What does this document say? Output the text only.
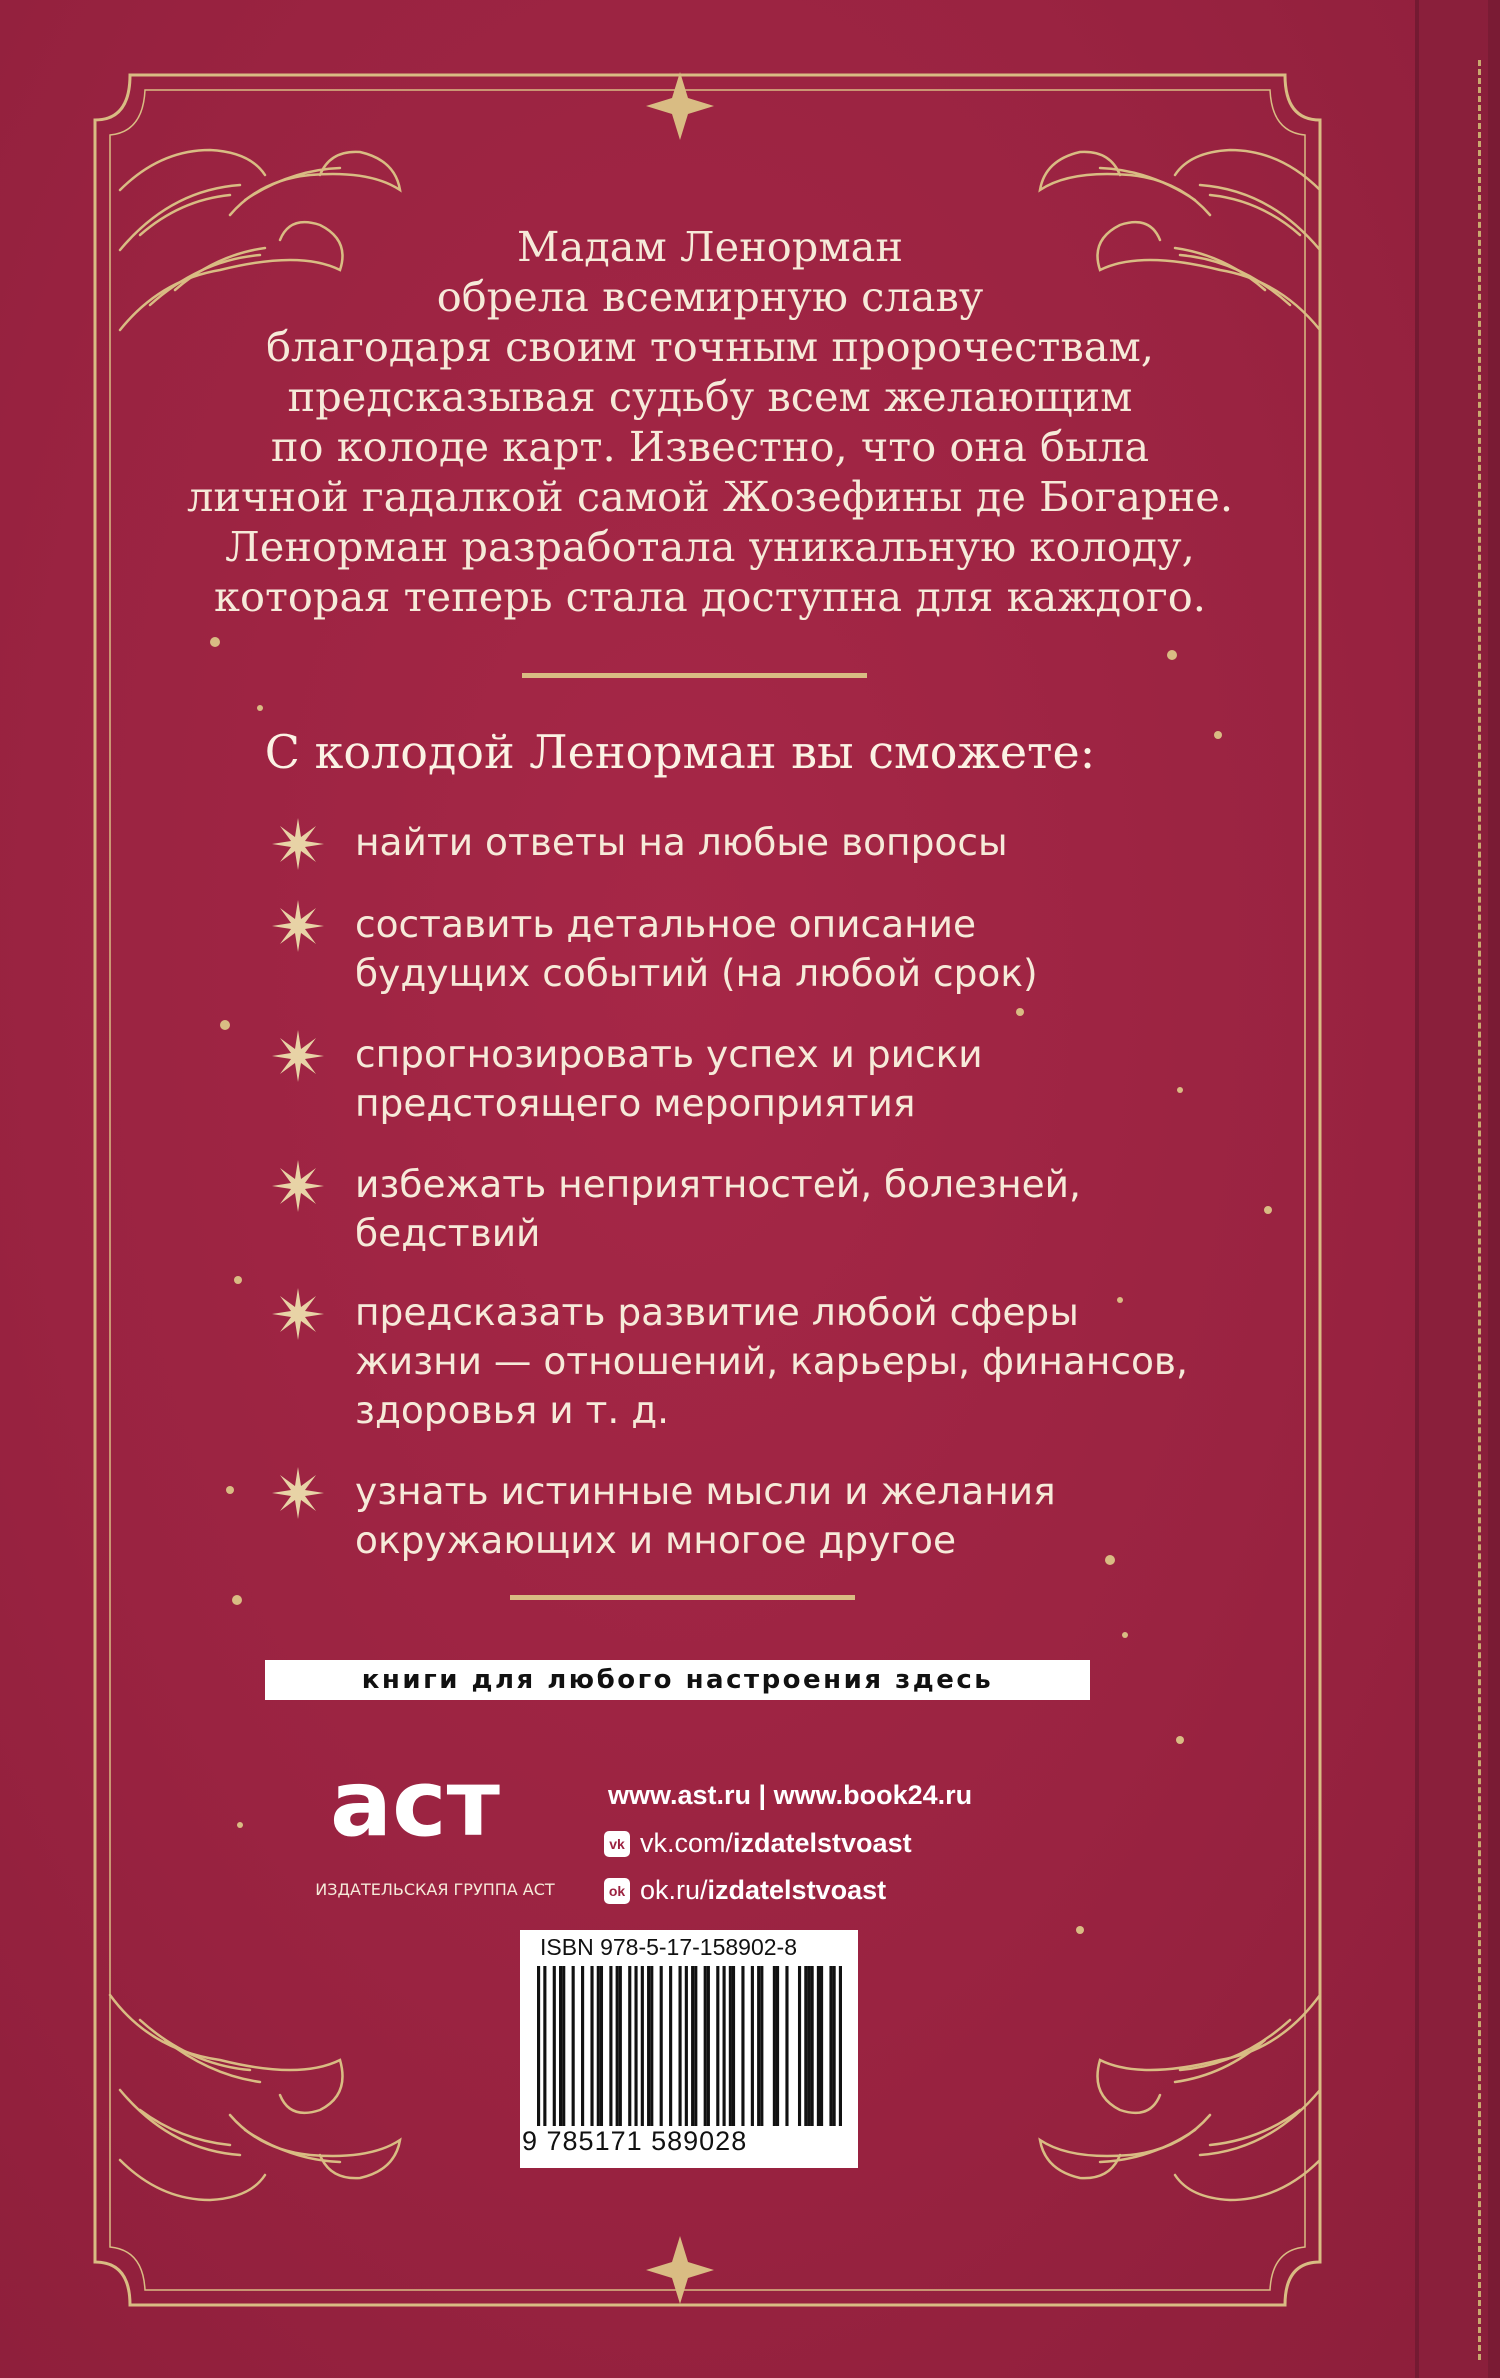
Мадам Ленорман
обрела всемирную славу
благодаря своим точным пророчествам,
предсказывая судьбу всем желающим
по колоде карт. Известно, что она была
личной гадалкой самой Жозефины де Богарне.
Ленорман разработала уникальную колоду,
которая теперь стала доступна для каждого.
С колодой Ленорман вы сможете:
найти ответы на любые вопросы
составить детальное описание
будущих событий (на любой срок)
спрогнозировать успех и риски
предстоящего мероприятия
избежать неприятностей, болезней,
бедствий
предсказать развитие любой сферы
жизни — отношений, карьеры, финансов,
здоровья и т. д.
узнать истинные мысли и желания
окружающих и многое другое
книги для любого настроения здесь
аст
ИЗДАТЕЛЬСКАЯ ГРУППА АСТ
www.ast.ru | www.book24.ru
vk vk.com/ izdatelstvoast
ok ok.ru/ izdatelstvoast
ISBN 978-5-17-158902-8
9 785171 589028
